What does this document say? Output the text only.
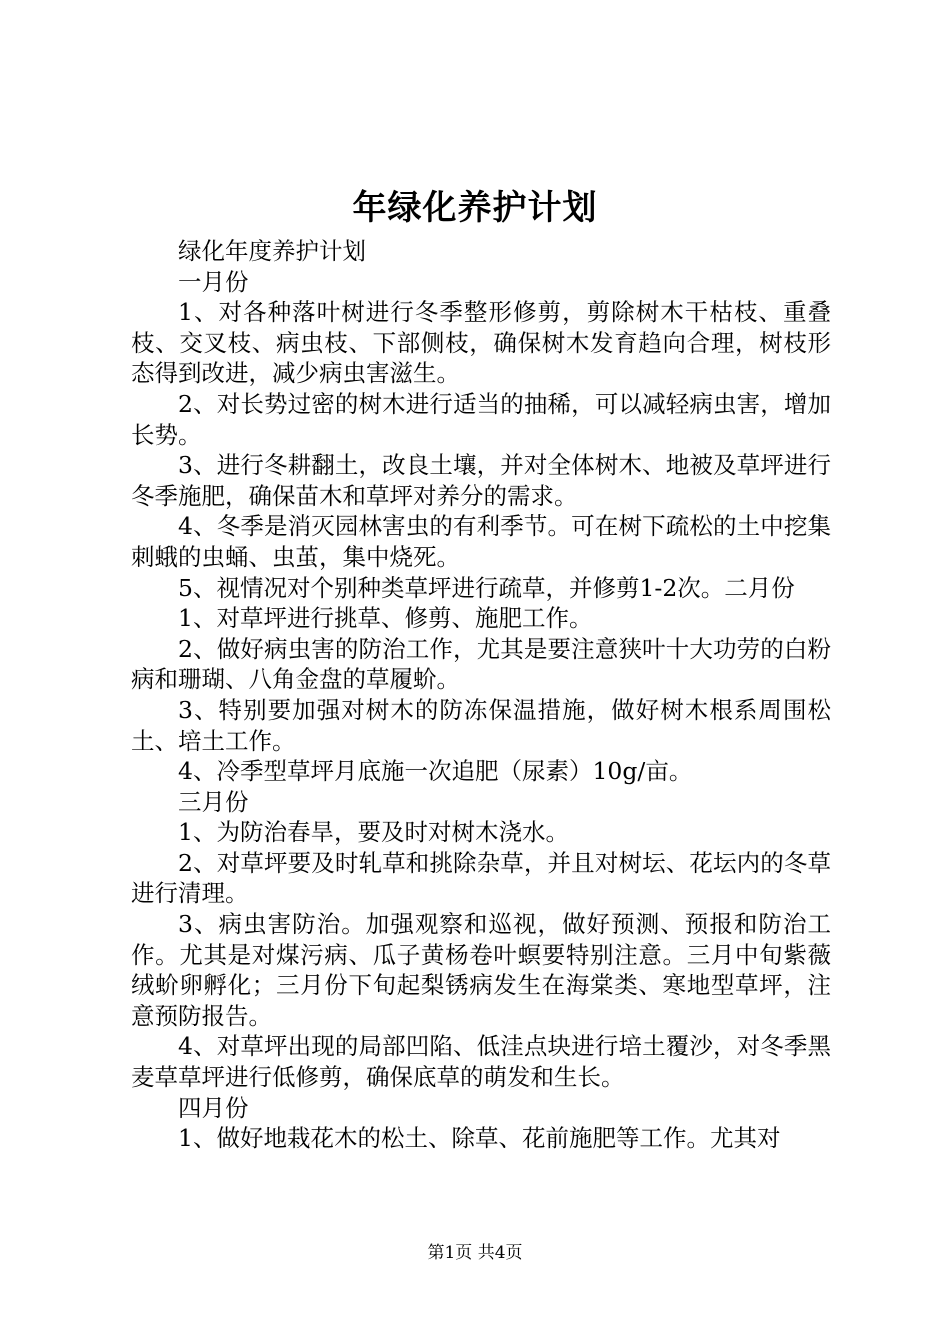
年绿化养护计划

绿化年度养护计划

一月份

1、对各种落叶树进行冬季整形修剪，剪除树木干枯枝、重叠枝、交叉枝、病虫枝、下部侧枝，确保树木发育趋向合理，树枝形态得到改进，减少病虫害滋生。

2、对长势过密的树木进行适当的抽稀，可以减轻病虫害，增加长势。

3、进行冬耕翻土，改良土壤，并对全体树木、地被及草坪进行冬季施肥，确保苗木和草坪对养分的需求。

4、冬季是消灭园林害虫的有利季节。可在树下疏松的土中挖集刺蛾的虫蛹、虫茧，集中烧死。

5、视情况对个别种类草坪进行疏草，并修剪1-2次。二月份

1、对草坪进行挑草、修剪、施肥工作。

2、做好病虫害的防治工作，尤其是要注意狭叶十大功劳的白粉病和珊瑚、八角金盘的草履蚧。

3、特别要加强对树木的防冻保温措施，做好树木根系周围松土、培土工作。

4、冷季型草坪月底施一次追肥（尿素）10g/亩。

三月份

1、为防治春旱，要及时对树木浇水。

2、对草坪要及时轧草和挑除杂草，并且对树坛、花坛内的冬草进行清理。

3、病虫害防治。加强观察和巡视，做好预测、预报和防治工作。尤其是对煤污病、瓜子黄杨卷叶螟要特别注意。三月中旬紫薇绒蚧卵孵化；三月份下旬起梨锈病发生在海棠类、寒地型草坪，注意预防报告。

4、对草坪出现的局部凹陷、低洼点块进行培土覆沙，对冬季黑麦草草坪进行低修剪，确保底草的萌发和生长。

四月份

1、做好地栽花木的松土、除草、花前施肥等工作。尤其对

第1页 共4页
